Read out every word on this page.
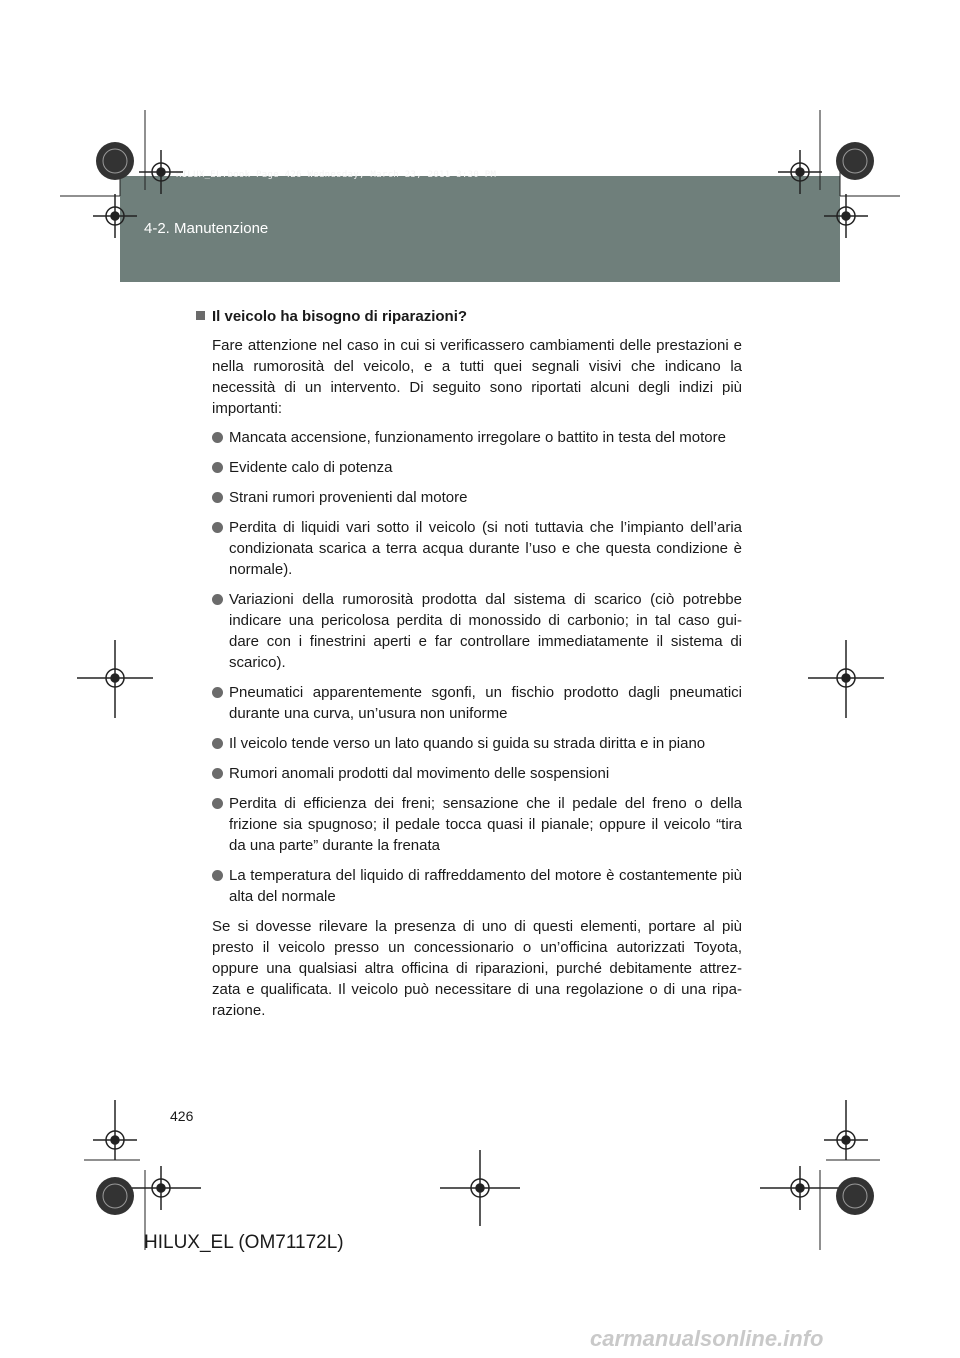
4-2. Manutenzione
HILUX_EL.book Page 426 Wednesday, March 23, 2011 3:30 PM
Il veicolo ha bisogno di riparazioni?

Fare attenzione nel caso in cui si verificassero cambiamenti delle prestazioni e nella rumorosità del veicolo, e a tutti quei segnali visivi che indicano la necessità di un intervento. Di seguito sono riportati alcuni degli indizi più importanti:

Mancata accensione, funzionamento irregolare o battito in testa del motore
Evidente calo di potenza
Strani rumori provenienti dal motore
Perdita di liquidi vari sotto il veicolo (si noti tuttavia che l’impianto dell’aria condizionata scarica a terra acqua durante l’uso e che questa condizione è normale).
Variazioni della rumorosità prodotta dal sistema di scarico (ciò potrebbe indicare una pericolosa perdita di monossido di carbonio; in tal caso gui- dare con i finestrini aperti e far controllare immediatamente il sistema di scarico).
Pneumatici apparentemente sgonfi, un fischio prodotto dagli pneumatici durante una curva, un’usura non uniforme
Il veicolo tende verso un lato quando si guida su strada diritta e in piano
Rumori anomali prodotti dal movimento delle sospensioni
Perdita di efficienza dei freni; sensazione che il pedale del freno o della frizione sia spugnoso; il pedale tocca quasi il pianale; oppure il veicolo “tira da una parte” durante la frenata
La temperatura del liquido di raffreddamento del motore è costantemente più alta del normale

Se si dovesse rilevare la presenza di uno di questi elementi, portare al più presto il veicolo presso un concessionario o un’officina autorizzati Toyota, oppure una qualsiasi altra officina di riparazioni, purché debitamente attrez- zata e qualificata. Il veicolo può necessitare di una regolazione o di una ripa- razione.

426
HILUX_EL (OM71172L)
carmanualsonline.info
